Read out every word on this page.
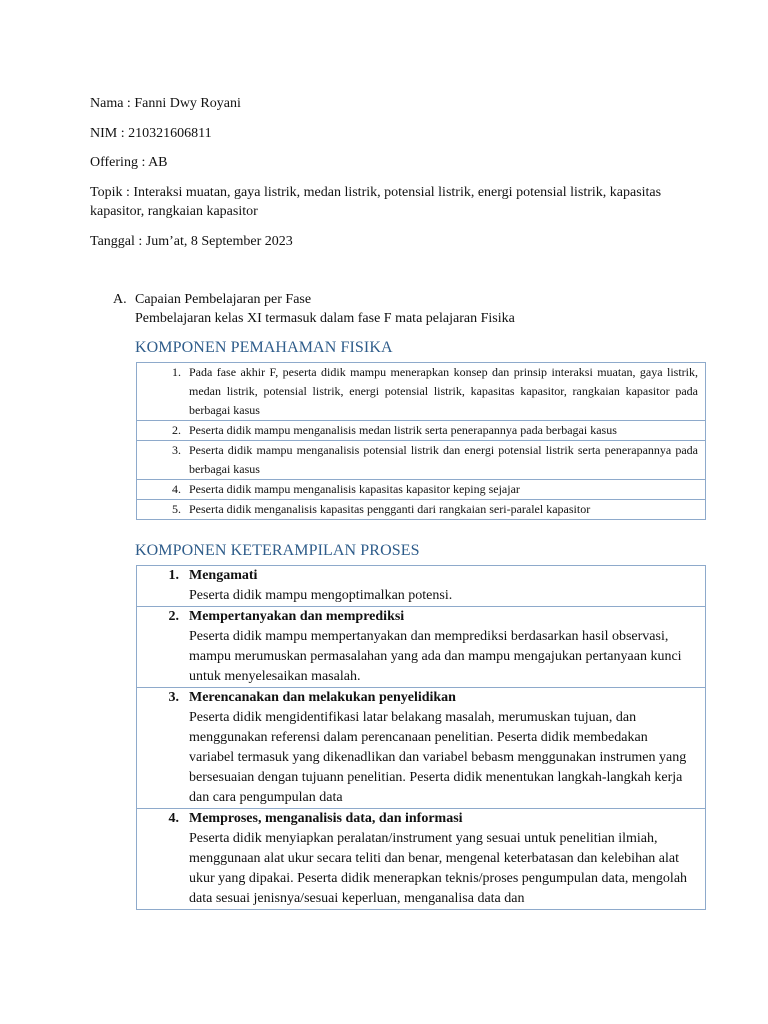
Nama : Fanni Dwy Royani
NIM : 210321606811
Offering : AB
Topik : Interaksi muatan, gaya listrik, medan listrik, potensial listrik, energi potensial listrik, kapasitas kapasitor, rangkaian kapasitor
Tanggal : Jum’at, 8 September 2023
A. Capaian Pembelajaran per Fase
Pembelajaran kelas XI termasuk dalam fase F mata pelajaran Fisika
KOMPONEN PEMAHAMAN FISIKA
1. Pada fase akhir F, peserta didik mampu menerapkan konsep dan prinsip interaksi muatan, gaya listrik, medan listrik, potensial listrik, energi potensial listrik, kapasitas kapasitor, rangkaian kapasitor pada berbagai kasus

2. Peserta didik mampu menganalisis medan listrik serta penerapannya pada berbagai kasus

3. Peserta didik mampu menganalisis potensial listrik dan energi potensial listrik serta penerapannya pada berbagai kasus

4. Peserta didik mampu menganalisis kapasitas kapasitor keping sejajar

5. Peserta didik menganalisis kapasitas pengganti dari rangkaian seri-paralel kapasitor
KOMPONEN KETERAMPILAN PROSES
1. Mengamati
Peserta didik mampu mengoptimalkan potensi.

2. Mempertanyakan dan memprediksi
Peserta didik mampu mempertanyakan dan memprediksi berdasarkan hasil observasi, mampu merumuskan permasalahan yang ada dan mampu mengajukan pertanyaan kunci untuk menyelesaikan masalah.

3. Merencanakan dan melakukan penyelidikan
Peserta didik mengidentifikasi latar belakang masalah, merumuskan tujuan, dan menggunakan referensi dalam perencanaan penelitian. Peserta didik membedakan variabel termasuk yang dikenadlikan dan variabel bebasm menggunakan instrumen yang bersesuaian dengan tujuann penelitian. Peserta didik menentukan langkah-langkah kerja dan cara pengumpulan data

4. Memproses, menganalisis data, dan informasi
Peserta didik menyiapkan peralatan/instrument yang sesuai untuk penelitian ilmiah, menggunaan alat ukur secara teliti dan benar, mengenal keterbatasan dan kelebihan alat ukur yang dipakai. Peserta didik menerapkan teknis/proses pengumpulan data, mengolah data sesuai jenisnya/sesuai keperluan, menganalisa data dan
